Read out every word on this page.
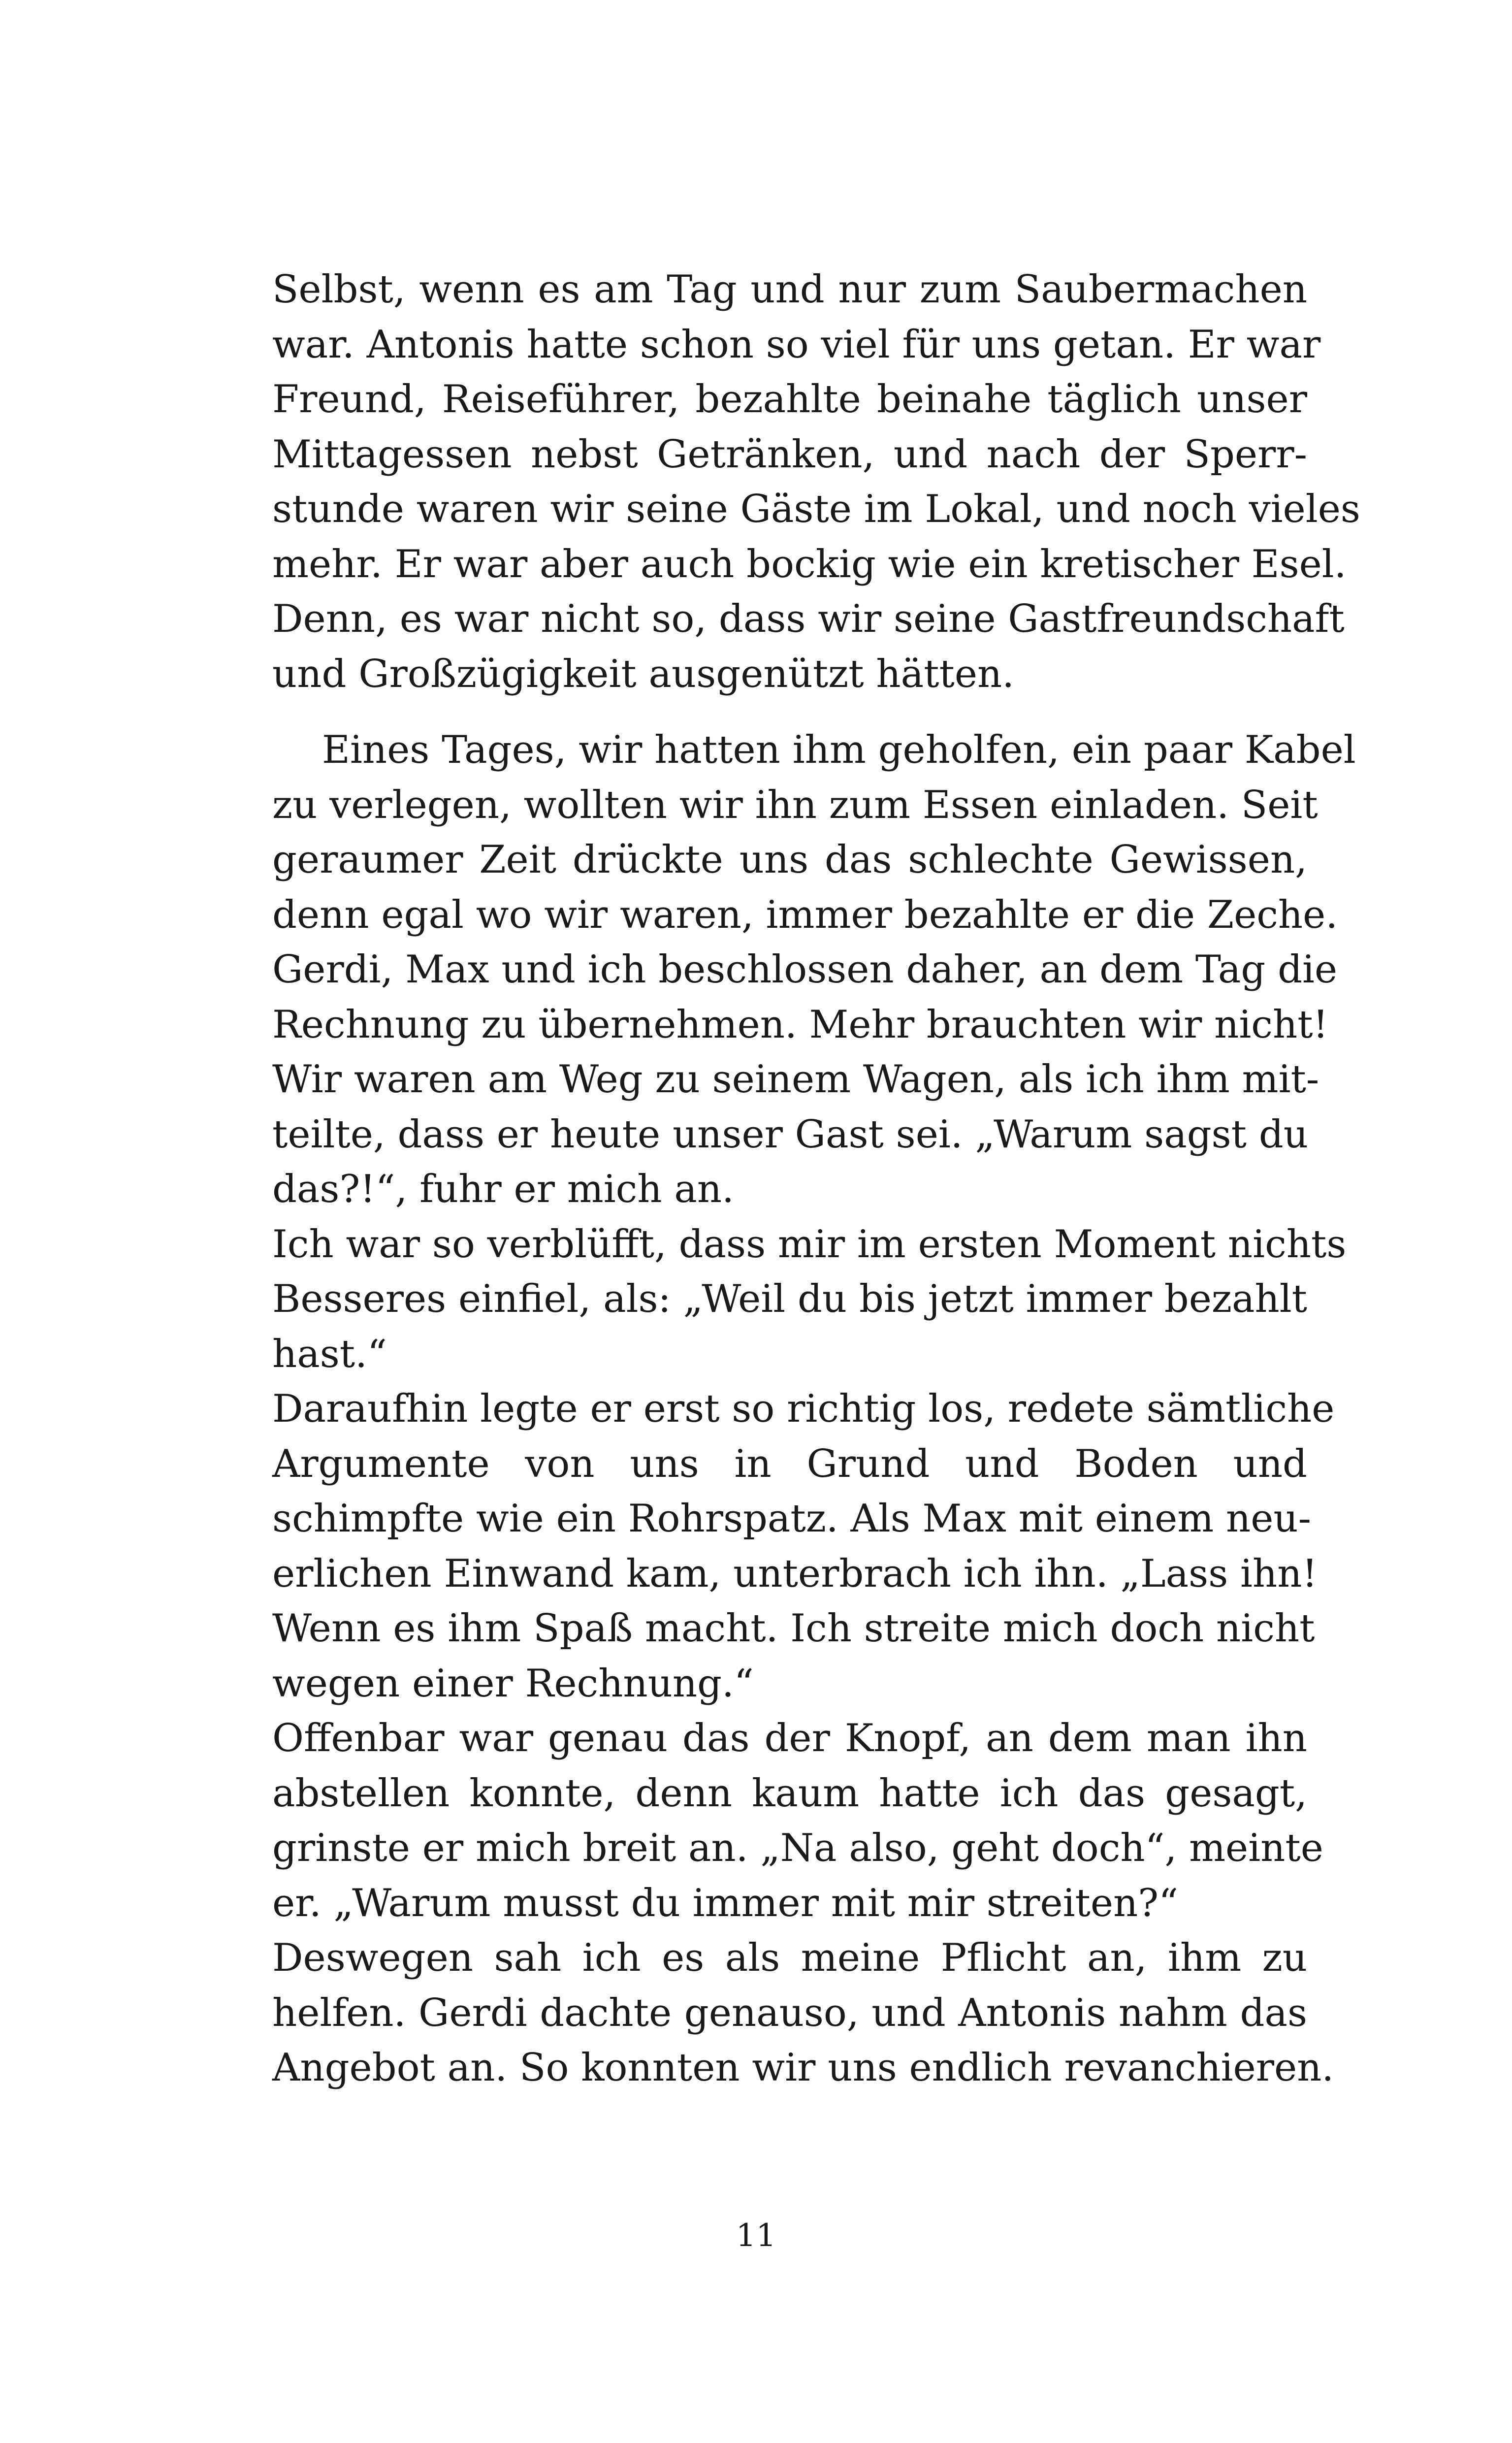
Selbst, wenn es am Tag und nur zum Saubermachen
war. Antonis hatte schon so viel für uns getan. Er war
Freund, Reiseführer, bezahlte beinahe täglich unser
Mittagessen nebst Getränken, und nach der Sperr-
stunde waren wir seine Gäste im Lokal, und noch vieles
mehr. Er war aber auch bockig wie ein kretischer Esel.
Denn, es war nicht so, dass wir seine Gastfreundschaft
und Großzügigkeit ausgenützt hätten.
Eines Tages, wir hatten ihm geholfen, ein paar Kabel
zu verlegen, wollten wir ihn zum Essen einladen. Seit
geraumer Zeit drückte uns das schlechte Gewissen,
denn egal wo wir waren, immer bezahlte er die Zeche.
Gerdi, Max und ich beschlossen daher, an dem Tag die
Rechnung zu übernehmen. Mehr brauchten wir nicht!
Wir waren am Weg zu seinem Wagen, als ich ihm mit-
teilte, dass er heute unser Gast sei. „Warum sagst du
das?!“, fuhr er mich an.
Ich war so verblüfft, dass mir im ersten Moment nichts
Besseres einfiel, als: „Weil du bis jetzt immer bezahlt
hast.“
Daraufhin legte er erst so richtig los, redete sämtliche
Argumente von uns in Grund und Boden und
schimpfte wie ein Rohrspatz. Als Max mit einem neu-
erlichen Einwand kam, unterbrach ich ihn. „Lass ihn!
Wenn es ihm Spaß macht. Ich streite mich doch nicht
wegen einer Rechnung.“
Offenbar war genau das der Knopf, an dem man ihn
abstellen konnte, denn kaum hatte ich das gesagt,
grinste er mich breit an. „Na also, geht doch“, meinte
er. „Warum musst du immer mit mir streiten?“
Deswegen sah ich es als meine Pflicht an, ihm zu
helfen. Gerdi dachte genauso, und Antonis nahm das
Angebot an. So konnten wir uns endlich revanchieren.
11
